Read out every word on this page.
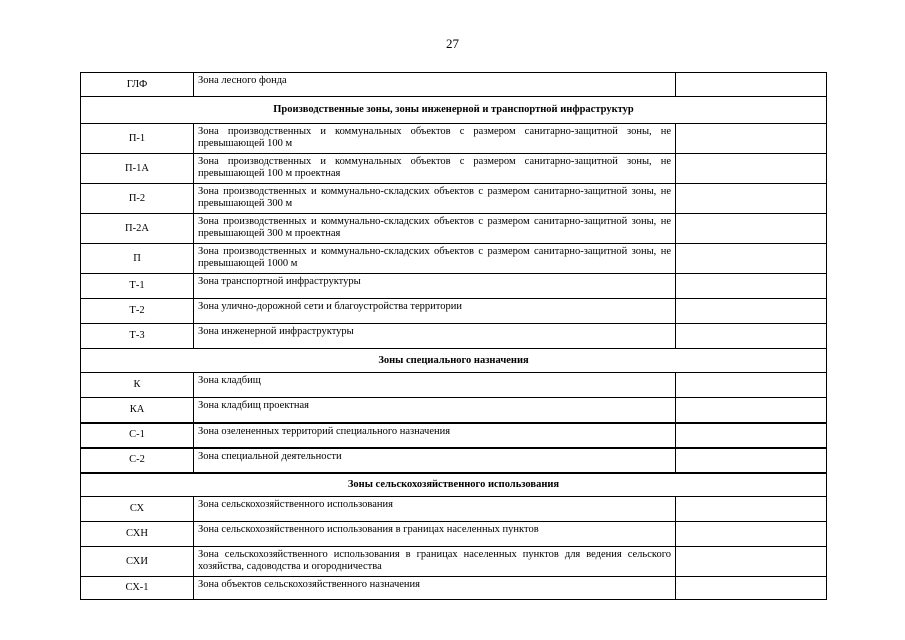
27
ГЛФ	Зона лесного фонда	
Производственные зоны, зоны инженерной и транспортной инфраструктур		
П-1	Зона производственных и коммунальных объектов с размером санитарно-защитной зоны, не превышающей 100 м	
П-1А	Зона производственных и коммунальных объектов с размером санитарно-защитной зоны, не превышающей 100 м проектная	
П-2	Зона производственных и коммунально-складских объектов с размером санитарно-защитной зоны, не превышающей 300 м	
П-2А	Зона производственных и коммунально-складских объектов с размером санитарно-защитной зоны, не превышающей 300 м проектная	
П	Зона производственных и коммунально-складских объектов с размером санитарно-защитной зоны, не превышающей 1000 м	
Т-1	Зона транспортной инфраструктуры	
Т-2	Зона улично-дорожной сети и благоустройства территории	
Т-3	Зона инженерной инфраструктуры	
Зоны специального назначения		
К	Зона кладбищ	
КА	Зона кладбищ проектная	
С-1	Зона озелененных территорий специального назначения	
С-2	Зона специальной деятельности	
Зоны сельскохозяйственного использования		
СХ	Зона сельскохозяйственного использования	
СХН	Зона сельскохозяйственного использования в границах населенных пунктов	
СХИ	Зона сельскохозяйственного использования в границах населенных пунктов для ведения сельского хозяйства, садоводства и огородничества	
СХ-1	Зона объектов сельскохозяйственного назначения	
